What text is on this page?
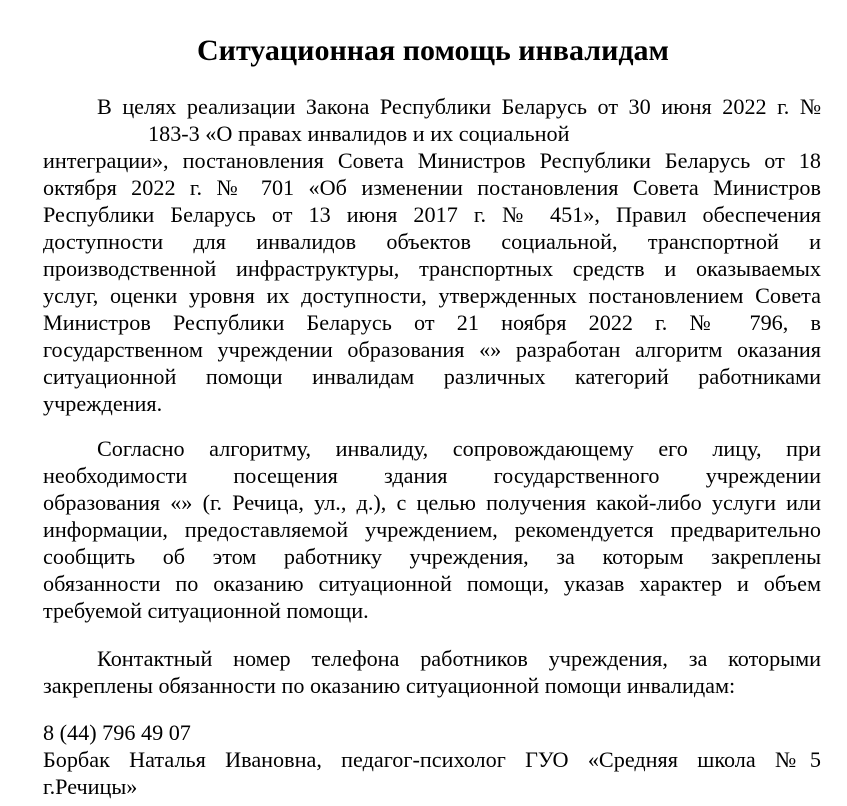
Ситуационная помощь инвалидам
В целях реализации Закона Республики Беларусь от 30 июня 2022 г. №
183-3 «О правах инвалидов и их социальной
интеграции», постановления Совета Министров Республики Беларусь от 18
октября 2022 г. № 701 «Об изменении постановления Совета Министров
Республики Беларусь от 13 июня 2017 г. № 451», Правил обеспечения
доступности для инвалидов объектов социальной, транспортной и
производственной инфраструктуры, транспортных средств и оказываемых
услуг, оценки уровня их доступности, утвержденных постановлением Совета
Министров Республики Беларусь от 21 ноября 2022 г. № 796, в
государственном учреждении образования «» разработан алгоритм оказания
ситуационной помощи инвалидам различных категорий работниками
учреждения.
Согласно алгоритму, инвалиду, сопровождающему его лицу, при
необходимости посещения здания государственного учреждении
образования «» (г. Речица, ул., д.), с целью получения какой-либо услуги или
информации, предоставляемой учреждением, рекомендуется предварительно
сообщить об этом работнику учреждения, за которым закреплены
обязанности по оказанию ситуационной помощи, указав характер и объем
требуемой ситуационной помощи.
Контактный номер телефона работников учреждения, за которыми
закреплены обязанности по оказанию ситуационной помощи инвалидам:
8 (44) 796 49 07
Борбак Наталья Ивановна, педагог-психолог ГУО «Средняя школа №5
г.Речицы»
